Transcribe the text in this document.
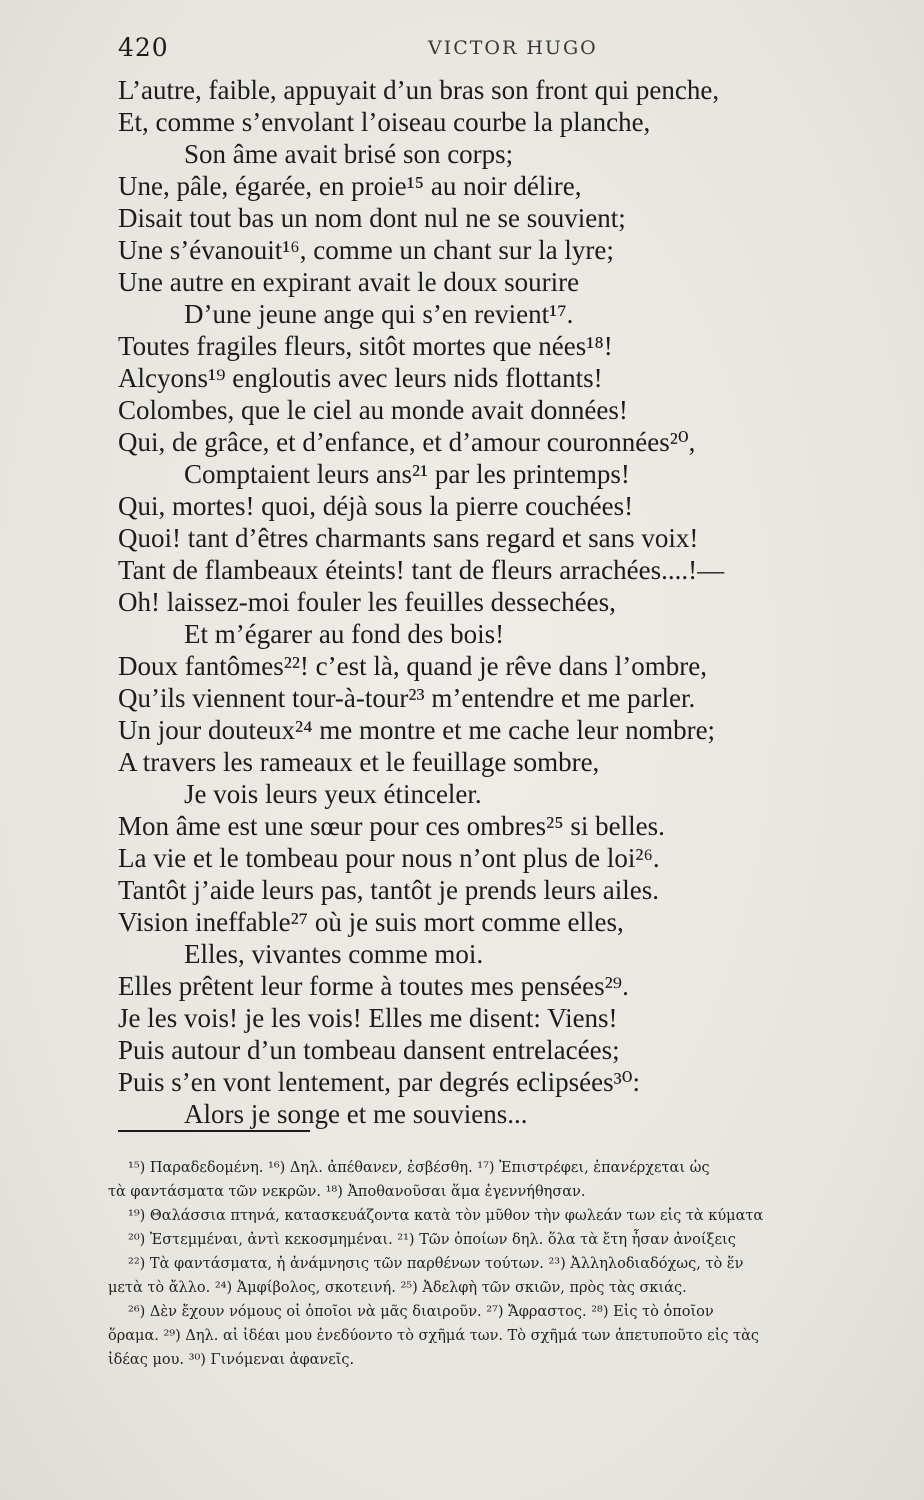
420	VICTOR HUGO
L’autre, faible, appuyait d’un bras son front qui penche,
Et, comme s’envolant l’oiseau courbe la planche,
Son âme avait brisé son corps;
Une, pâle, égarée, en proie¹⁵ au noir délire,
Disait tout bas un nom dont nul ne se souvient;
Une s’évanouit¹⁶, comme un chant sur la lyre;
Une autre en expirant avait le doux sourire
D’une jeune ange qui s’en revient¹⁷.
Toutes fragiles fleurs, sitôt mortes que nées¹⁸!
Alcyons¹⁹ engloutis avec leurs nids flottants!
Colombes, que le ciel au monde avait données!
Qui, de grâce, et d’enfance, et d’amour couronnées²⁰,
Comptaient leurs ans²¹ par les printemps!
Qui, mortes! quoi, déjà sous la pierre couchées!
Quoi! tant d’êtres charmants sans regard et sans voix!
Tant de flambeaux éteints! tant de fleurs arrachées....!—
Oh! laissez-moi fouler les feuilles dessechées,
Et m’égarer au fond des bois!
Doux fantômes²²! c’est là, quand je rêve dans l’ombre,
Qu’ils viennent tour-à-tour²³ m’entendre et me parler.
Un jour douteux²⁴ me montre et me cache leur nombre;
A travers les rameaux et le feuillage sombre,
Je vois leurs yeux étinceler.
Mon âme est une sœur pour ces ombres²⁵ si belles.
La vie et le tombeau pour nous n’ont plus de loi²⁶.
Tantôt j’aide leurs pas, tantôt je prends leurs ailes.
Vision ineffable²⁷ où je suis mort comme elles,
Elles, vivantes comme moi.
Elles prêtent leur forme à toutes mes pensées²⁹.
Je les vois! je les vois! Elles me disent: Viens!
Puis autour d’un tombeau dansent entrelacées;
Puis s’en vont lentement, par degrés eclipsées³⁰:
Alors je songe et me souviens...
¹⁵) Παραδεδομένη. ¹⁶) Δηλ. ἀπέθανεν, ἐσβέσθη. ¹⁷) Ἐπιστρέφει, ἐπανέρχεται ὡς
τὰ φαντάσματα τῶν νεκρῶν. ¹⁸) Ἀποθανοῦσαι ἅμα ἐγεννήθησαν.
¹⁹) Θαλάσσια πτηνά, κατασκευάζοντα κατὰ τὸν μῦθον τὴν φωλεάν των εἰς τὰ κύματα
²⁰) Ἐστεμμέναι, ἀντὶ κεκοσμημέναι. ²¹) Τῶν ὁποίων δηλ. ὅλα τὰ ἔτη ἦσαν ἀνοίξεις
²²) Τὰ φαντάσματα, ἡ ἀνάμνησις τῶν παρθένων τούτων. ²³) Ἀλληλοδιαδόχως, τὸ ἕν
μετὰ τὸ ἄλλο. ²⁴) Ἀμφίβολος, σκοτεινή. ²⁵) Ἀδελφὴ τῶν σκιῶν, πρὸς τὰς σκιάς.
²⁶) Δὲν ἔχουν νόμους οἱ ὁποῖοι νὰ μᾶς διαιροῦν. ²⁷) Ἄφραστος. ²⁸) Εἰς τὸ ὁποῖον
ὅραμα. ²⁹) Δηλ. αἱ ἰδέαι μου ἐνεδύοντο τὸ σχῆμά των. Τὸ σχῆμά των ἀπετυποῦτο εἰς τὰς
ἰδέας μου. ³⁰) Γινόμεναι ἀφανεῖς.
